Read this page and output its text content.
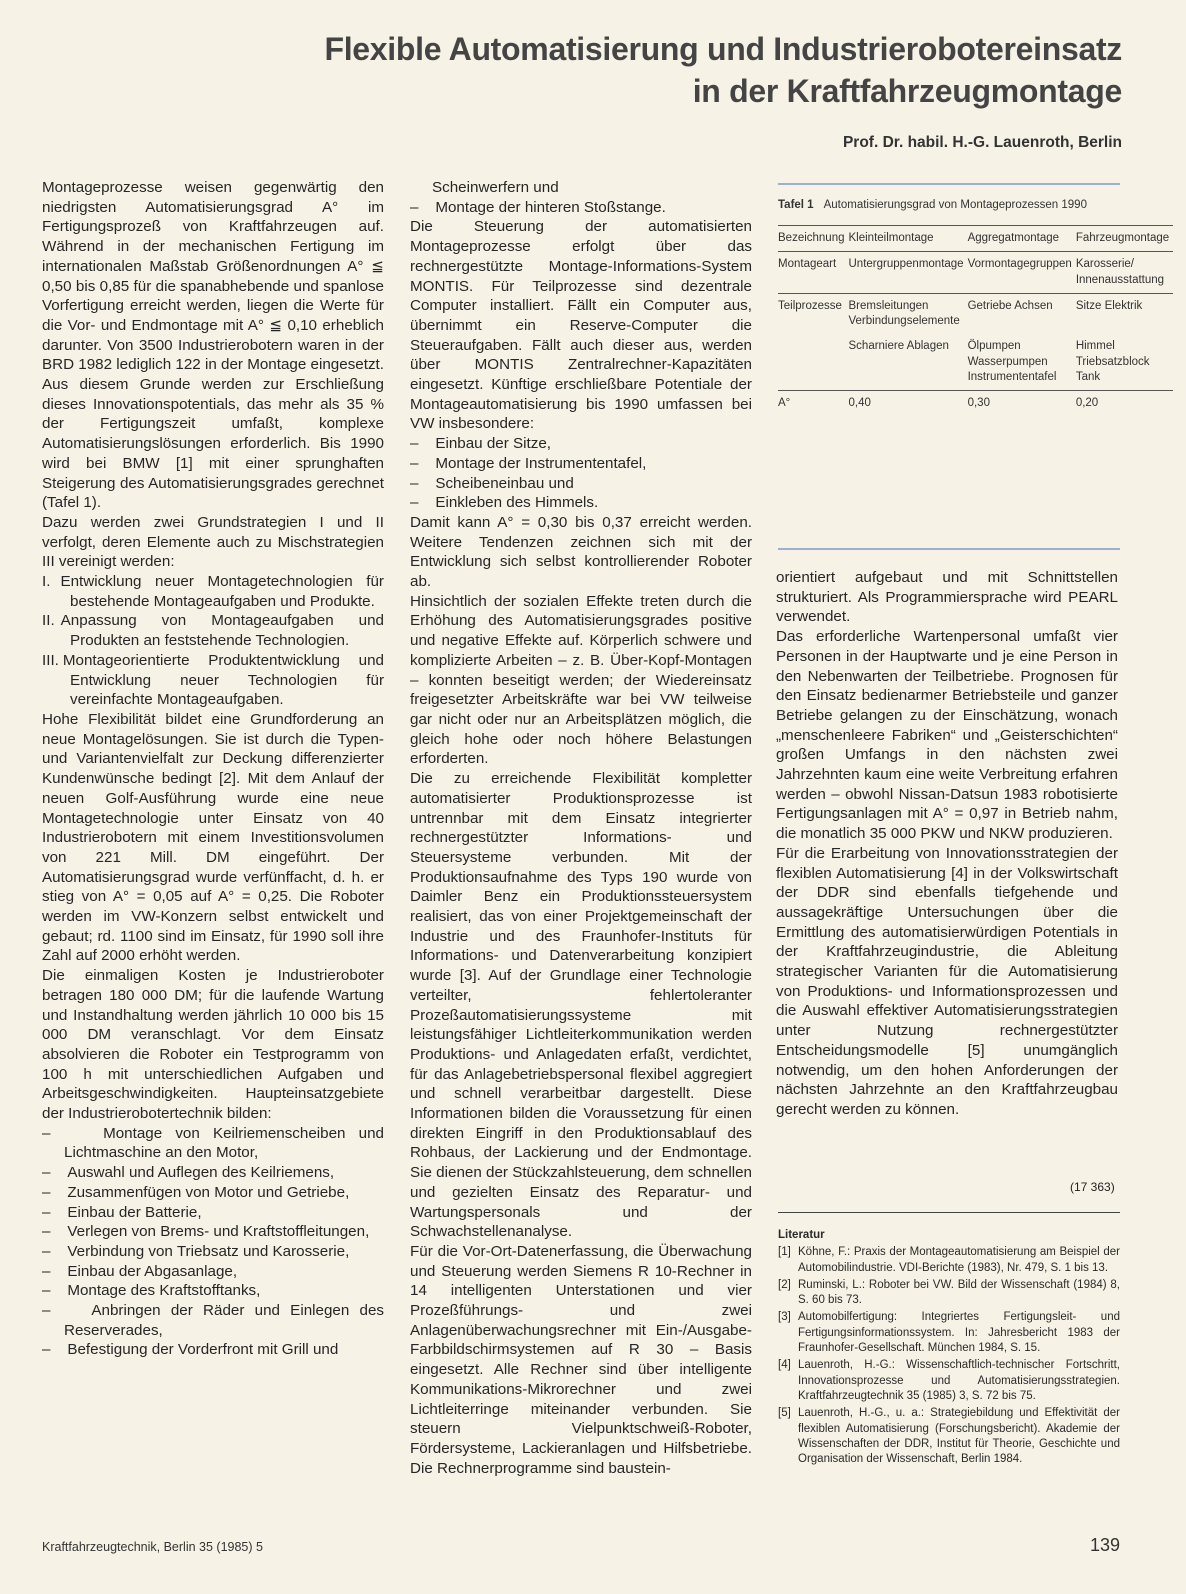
Flexible Automatisierung und Industrierobotereinsatz
in der Kraftfahrzeugmontage
Prof. Dr. habil. H.-G. Lauenroth, Berlin

Montageprozesse weisen gegenwärtig den niedrigsten Automatisierungsgrad A° im Fertigungsprozeß von Kraftfahrzeugen auf. Während in der mechanischen Fertigung im internationalen Maßstab Größenordnungen A° ≦ 0,50 bis 0,85 für die spanabhebende und spanlose Vorfertigung erreicht werden, liegen die Werte für die Vor- und Endmontage mit A° ≦ 0,10 erheblich darunter. Von 3500 Industrierobotern waren in der BRD 1982 lediglich 122 in der Montage eingesetzt. Aus diesem Grunde werden zur Erschließung dieses Innovationspotentials, das mehr als 35 % der Fertigungszeit umfaßt, komplexe Automatisierungslösungen erforderlich. Bis 1990 wird bei BMW [1] mit einer sprunghaften Steigerung des Automatisierungsgrades gerechnet (Tafel 1).

Dazu werden zwei Grundstrategien I und II verfolgt, deren Elemente auch zu Mischstrategien III vereinigt werden:

I. Entwicklung neuer Montagetechnologien für bestehende Montageaufgaben und Produkte.
II. Anpassung von Montageaufgaben und Produkten an feststehende Technologien.
III. Montageorientierte Produktentwicklung und Entwicklung neuer Technologien für vereinfachte Montageaufgaben.

Hohe Flexibilität bildet eine Grundforderung an neue Montagelösungen. Sie ist durch die Typen- und Variantenvielfalt zur Deckung differenzierter Kundenwünsche bedingt [2]. Mit dem Anlauf der neuen Golf-Ausführung wurde eine neue Montagetechnologie unter Einsatz von 40 Industrierobotern mit einem Investitionsvolumen von 221 Mill. DM eingeführt. Der Automatisierungsgrad wurde verfünffacht, d. h. er stieg von A° = 0,05 auf A° = 0,25. Die Roboter werden im VW-Konzern selbst entwickelt und gebaut; rd. 1100 sind im Einsatz, für 1990 soll ihre Zahl auf 2000 erhöht werden.

Die einmaligen Kosten je Industrieroboter betragen 180 000 DM; für die laufende Wartung und Instandhaltung werden jährlich 10 000 bis 15 000 DM veranschlagt. Vor dem Einsatz absolvieren die Roboter ein Testprogramm von 100 h mit unterschiedlichen Aufgaben und Arbeitsgeschwindigkeiten. Haupteinsatzgebiete der Industrierobotertechnik bilden:

–    Montage von Keilriemenscheiben und Lichtmaschine an den Motor,
–    Auswahl und Auflegen des Keilriemens,
–    Zusammenfügen von Motor und Getriebe,
–    Einbau der Batterie,
–    Verlegen von Brems- und Kraftstoffleitungen,
–    Verbindung von Triebsatz und Karosserie,
–    Einbau der Abgasanlage,
–    Montage des Kraftstofftanks,
–    Anbringen der Räder und Einlegen des Reserverades,
–    Befestigung der Vorderfront mit Grill und

Scheinwerfern und

–    Montage der hinteren Stoßstange.

Die Steuerung der automatisierten Montageprozesse erfolgt über das rechnergestützte Montage-Informations-System MONTIS. Für Teilprozesse sind dezentrale Computer installiert. Fällt ein Computer aus, übernimmt ein Reserve-Computer die Steueraufgaben. Fällt auch dieser aus, werden über MONTIS Zentralrechner-Kapazitäten eingesetzt. Künftige erschließbare Potentiale der Montageautomatisierung bis 1990 umfassen bei VW insbesondere:

–    Einbau der Sitze,
–    Montage der Instrumententafel,
–    Scheibeneinbau und
–    Einkleben des Himmels.

Damit kann A° = 0,30 bis 0,37 erreicht werden. Weitere Tendenzen zeichnen sich mit der Entwicklung sich selbst kontrollierender Roboter ab.

Hinsichtlich der sozialen Effekte treten durch die Erhöhung des Automatisierungsgrades positive und negative Effekte auf. Körperlich schwere und komplizierte Arbeiten – z. B. Über-Kopf-Montagen – konnten beseitigt werden; der Wiedereinsatz freigesetzter Arbeitskräfte war bei VW teilweise gar nicht oder nur an Arbeitsplätzen möglich, die gleich hohe oder noch höhere Belastungen erforderten.

Die zu erreichende Flexibilität kompletter automatisierter Produktionsprozesse ist untrennbar mit dem Einsatz integrierter rechnergestützter Informations- und Steuersysteme verbunden. Mit der Produktionsaufnahme des Typs 190 wurde von Daimler Benz ein Produktionssteuersystem realisiert, das von einer Projektgemeinschaft der Industrie und des Fraunhofer-Instituts für Informations- und Datenverarbeitung konzipiert wurde [3]. Auf der Grundlage einer Technologie verteilter, fehlertoleranter Prozeßautomatisierungssysteme mit leistungsfähiger Lichtleiterkommunikation werden Produktions- und Anlagedaten erfaßt, verdichtet, für das Anlagebetriebspersonal flexibel aggregiert und schnell verarbeitbar dargestellt. Diese Informationen bilden die Voraussetzung für einen direkten Eingriff in den Produktionsablauf des Rohbaus, der Lackierung und der Endmontage. Sie dienen der Stückzahlsteuerung, dem schnellen und gezielten Einsatz des Reparatur- und Wartungspersonals und der Schwachstellenanalyse.

Für die Vor-Ort-Datenerfassung, die Überwachung und Steuerung werden Siemens R 10-Rechner in 14 intelligenten Unterstationen und vier Prozeßführungs- und zwei Anlagenüberwachungsrechner mit Ein-/Ausgabe-Farbbildschirmsystemen auf R 30 – Basis eingesetzt. Alle Rechner sind über intelligente Kommunikations-Mikrorechner und zwei Lichtleiterringe miteinander verbunden. Sie steuern Vielpunktschweiß-Roboter, Fördersysteme, Lackieranlagen und Hilfsbetriebe. Die Rechnerprogramme sind baustein-

Tafel 1 Automatisierungsgrad von Montageprozessen 1990
Bezeichnung	Kleinteilmontage	Aggregatmontage	Fahrzeugmontage
Montageart	Untergruppenmontage	Vormontagegruppen	Karosserie/ Innenausstattung
Teilprozesse	Bremsleitungen Verbindungselemente	Getriebe Achsen	Sitze Elektrik
	Scharniere Ablagen	Ölpumpen Wasserpumpen Instrumententafel	Himmel Triebsatzblock Tank
A°	0,40	0,30	0,20

orientiert aufgebaut und mit Schnittstellen strukturiert. Als Programmiersprache wird PEARL verwendet.

Das erforderliche Wartenpersonal umfaßt vier Personen in der Hauptwarte und je eine Person in den Nebenwarten der Teilbetriebe. Prognosen für den Einsatz bedienarmer Betriebsteile und ganzer Betriebe gelangen zu der Einschätzung, wonach „menschenleere Fabriken“ und „Geisterschichten“ großen Umfangs in den nächsten zwei Jahrzehnten kaum eine weite Verbreitung erfahren werden – obwohl Nissan-Datsun 1983 robotisierte Fertigungsanlagen mit A° = 0,97 in Betrieb nahm, die monatlich 35 000 PKW und NKW produzieren.

Für die Erarbeitung von Innovationsstrategien der flexiblen Automatisierung [4] in der Volkswirtschaft der DDR sind ebenfalls tiefgehende und aussagekräftige Untersuchungen über die Ermittlung des automatisierwürdigen Potentials in der Kraftfahrzeugindustrie, die Ableitung strategischer Varianten für die Automatisierung von Produktions- und Informationsprozessen und die Auswahl effektiver Automatisierungsstrategien unter Nutzung rechnergestützter Entscheidungsmodelle [5] unumgänglich notwendig, um den hohen Anforderungen der nächsten Jahrzehnte an den Kraftfahrzeugbau gerecht werden zu können.

(17 363)
Literatur
[1] Köhne, F.: Praxis der Montageautomatisierung am Beispiel der Automobilindustrie. VDI-Berichte (1983), Nr. 479, S. 1 bis 13.
[2] Ruminski, L.: Roboter bei VW. Bild der Wissenschaft (1984) 8, S. 60 bis 73.
[3] Automobilfertigung: Integriertes Fertigungsleit- und Fertigungsinformationssystem. In: Jahresbericht 1983 der Fraunhofer-Gesellschaft. München 1984, S. 15.
[4] Lauenroth, H.-G.: Wissenschaftlich-technischer Fortschritt, Innovationsprozesse und Automatisierungsstrategien. Kraftfahrzeugtechnik 35 (1985) 3, S. 72 bis 75.
[5] Lauenroth, H.-G., u. a.: Strategiebildung und Effektivität der flexiblen Automatisierung (Forschungsbericht). Akademie der Wissenschaften der DDR, Institut für Theorie, Geschichte und Organisation der Wissenschaft, Berlin 1984.
Kraftfahrzeugtechnik, Berlin 35 (1985) 5	139
